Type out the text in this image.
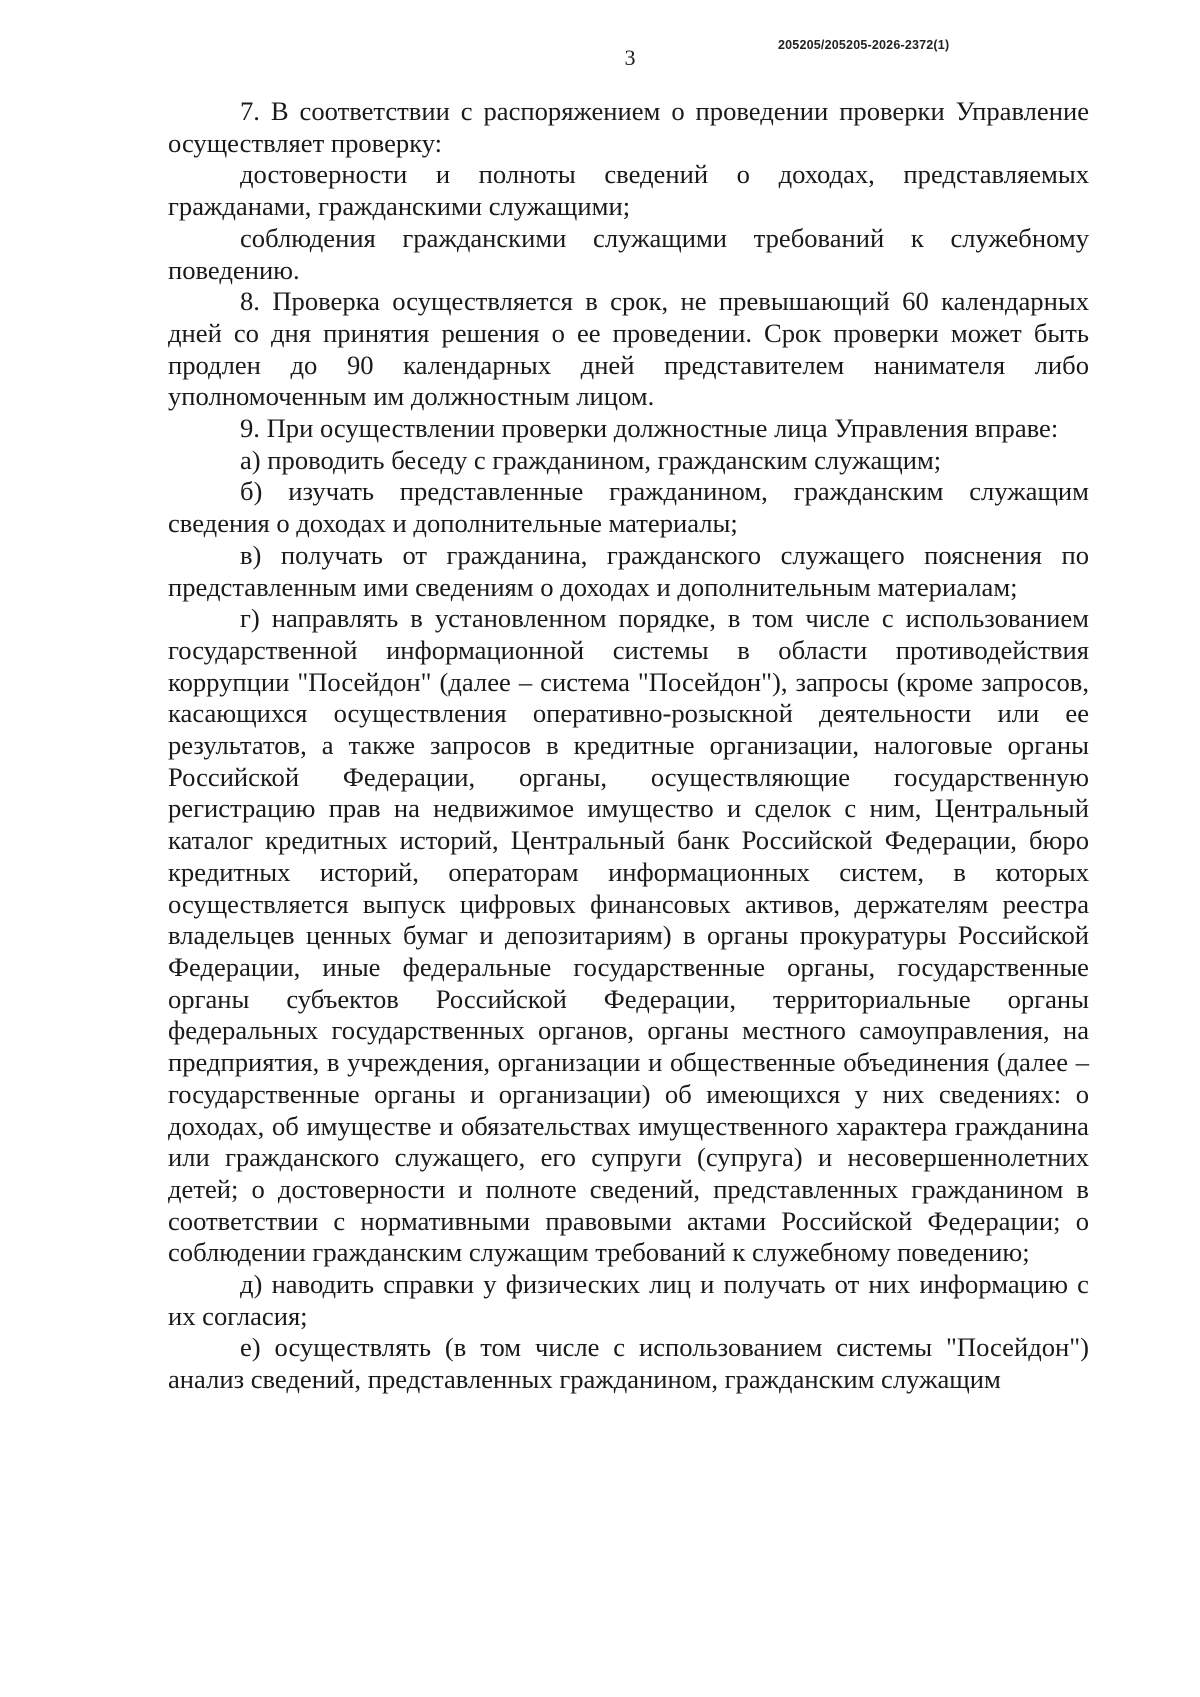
3	205205/205205-2026-2372(1)

7. В соответствии с распоряжением о проведении проверки Управление осуществляет проверку:

достоверности и полноты сведений о доходах, представляемых гражданами, гражданскими служащими;

соблюдения гражданскими служащими требований к служебному поведению.

8. Проверка осуществляется в срок, не превышающий 60 календарных дней со дня принятия решения о ее проведении. Срок проверки может быть продлен до 90 календарных дней представителем нанимателя либо уполномоченным им должностным лицом.

9. При осуществлении проверки должностные лица Управления вправе:

а) проводить беседу с гражданином, гражданским служащим;

б) изучать представленные гражданином, гражданским служащим сведения о доходах и дополнительные материалы;

в) получать от гражданина, гражданского служащего пояснения по представленным ими сведениям о доходах и дополнительным материалам;

г) направлять в установленном порядке, в том числе с использованием государственной информационной системы в области противодействия коррупции "Посейдон" (далее – система "Посейдон"), запросы (кроме запросов, касающихся осуществления оперативно-розыскной деятельности или ее результатов, а также запросов в кредитные организации, налоговые органы Российской Федерации, органы, осуществляющие государственную регистрацию прав на недвижимое имущество и сделок с ним, Центральный каталог кредитных историй, Центральный банк Российской Федерации, бюро кредитных историй, операторам информационных систем, в которых осуществляется выпуск цифровых финансовых активов, держателям реестра владельцев ценных бумаг и депозитариям) в органы прокуратуры Российской Федерации, иные федеральные государственные органы, государственные органы субъектов Российской Федерации, территориальные органы федеральных государственных органов, органы местного самоуправления, на предприятия, в учреждения, организации и общественные объединения (далее – государственные органы и организации) об имеющихся у них сведениях: о доходах, об имуществе и обязательствах имущественного характера гражданина или гражданского служащего, его супруги (супруга) и несовершеннолетних детей; о достоверности и полноте сведений, представленных гражданином в соответствии с нормативными правовыми актами Российской Федерации; о соблюдении гражданским служащим требований к служебному поведению;

д) наводить справки у физических лиц и получать от них информацию с их согласия;

е) осуществлять (в том числе с использованием системы "Посейдон") анализ сведений, представленных гражданином, гражданским служащим
